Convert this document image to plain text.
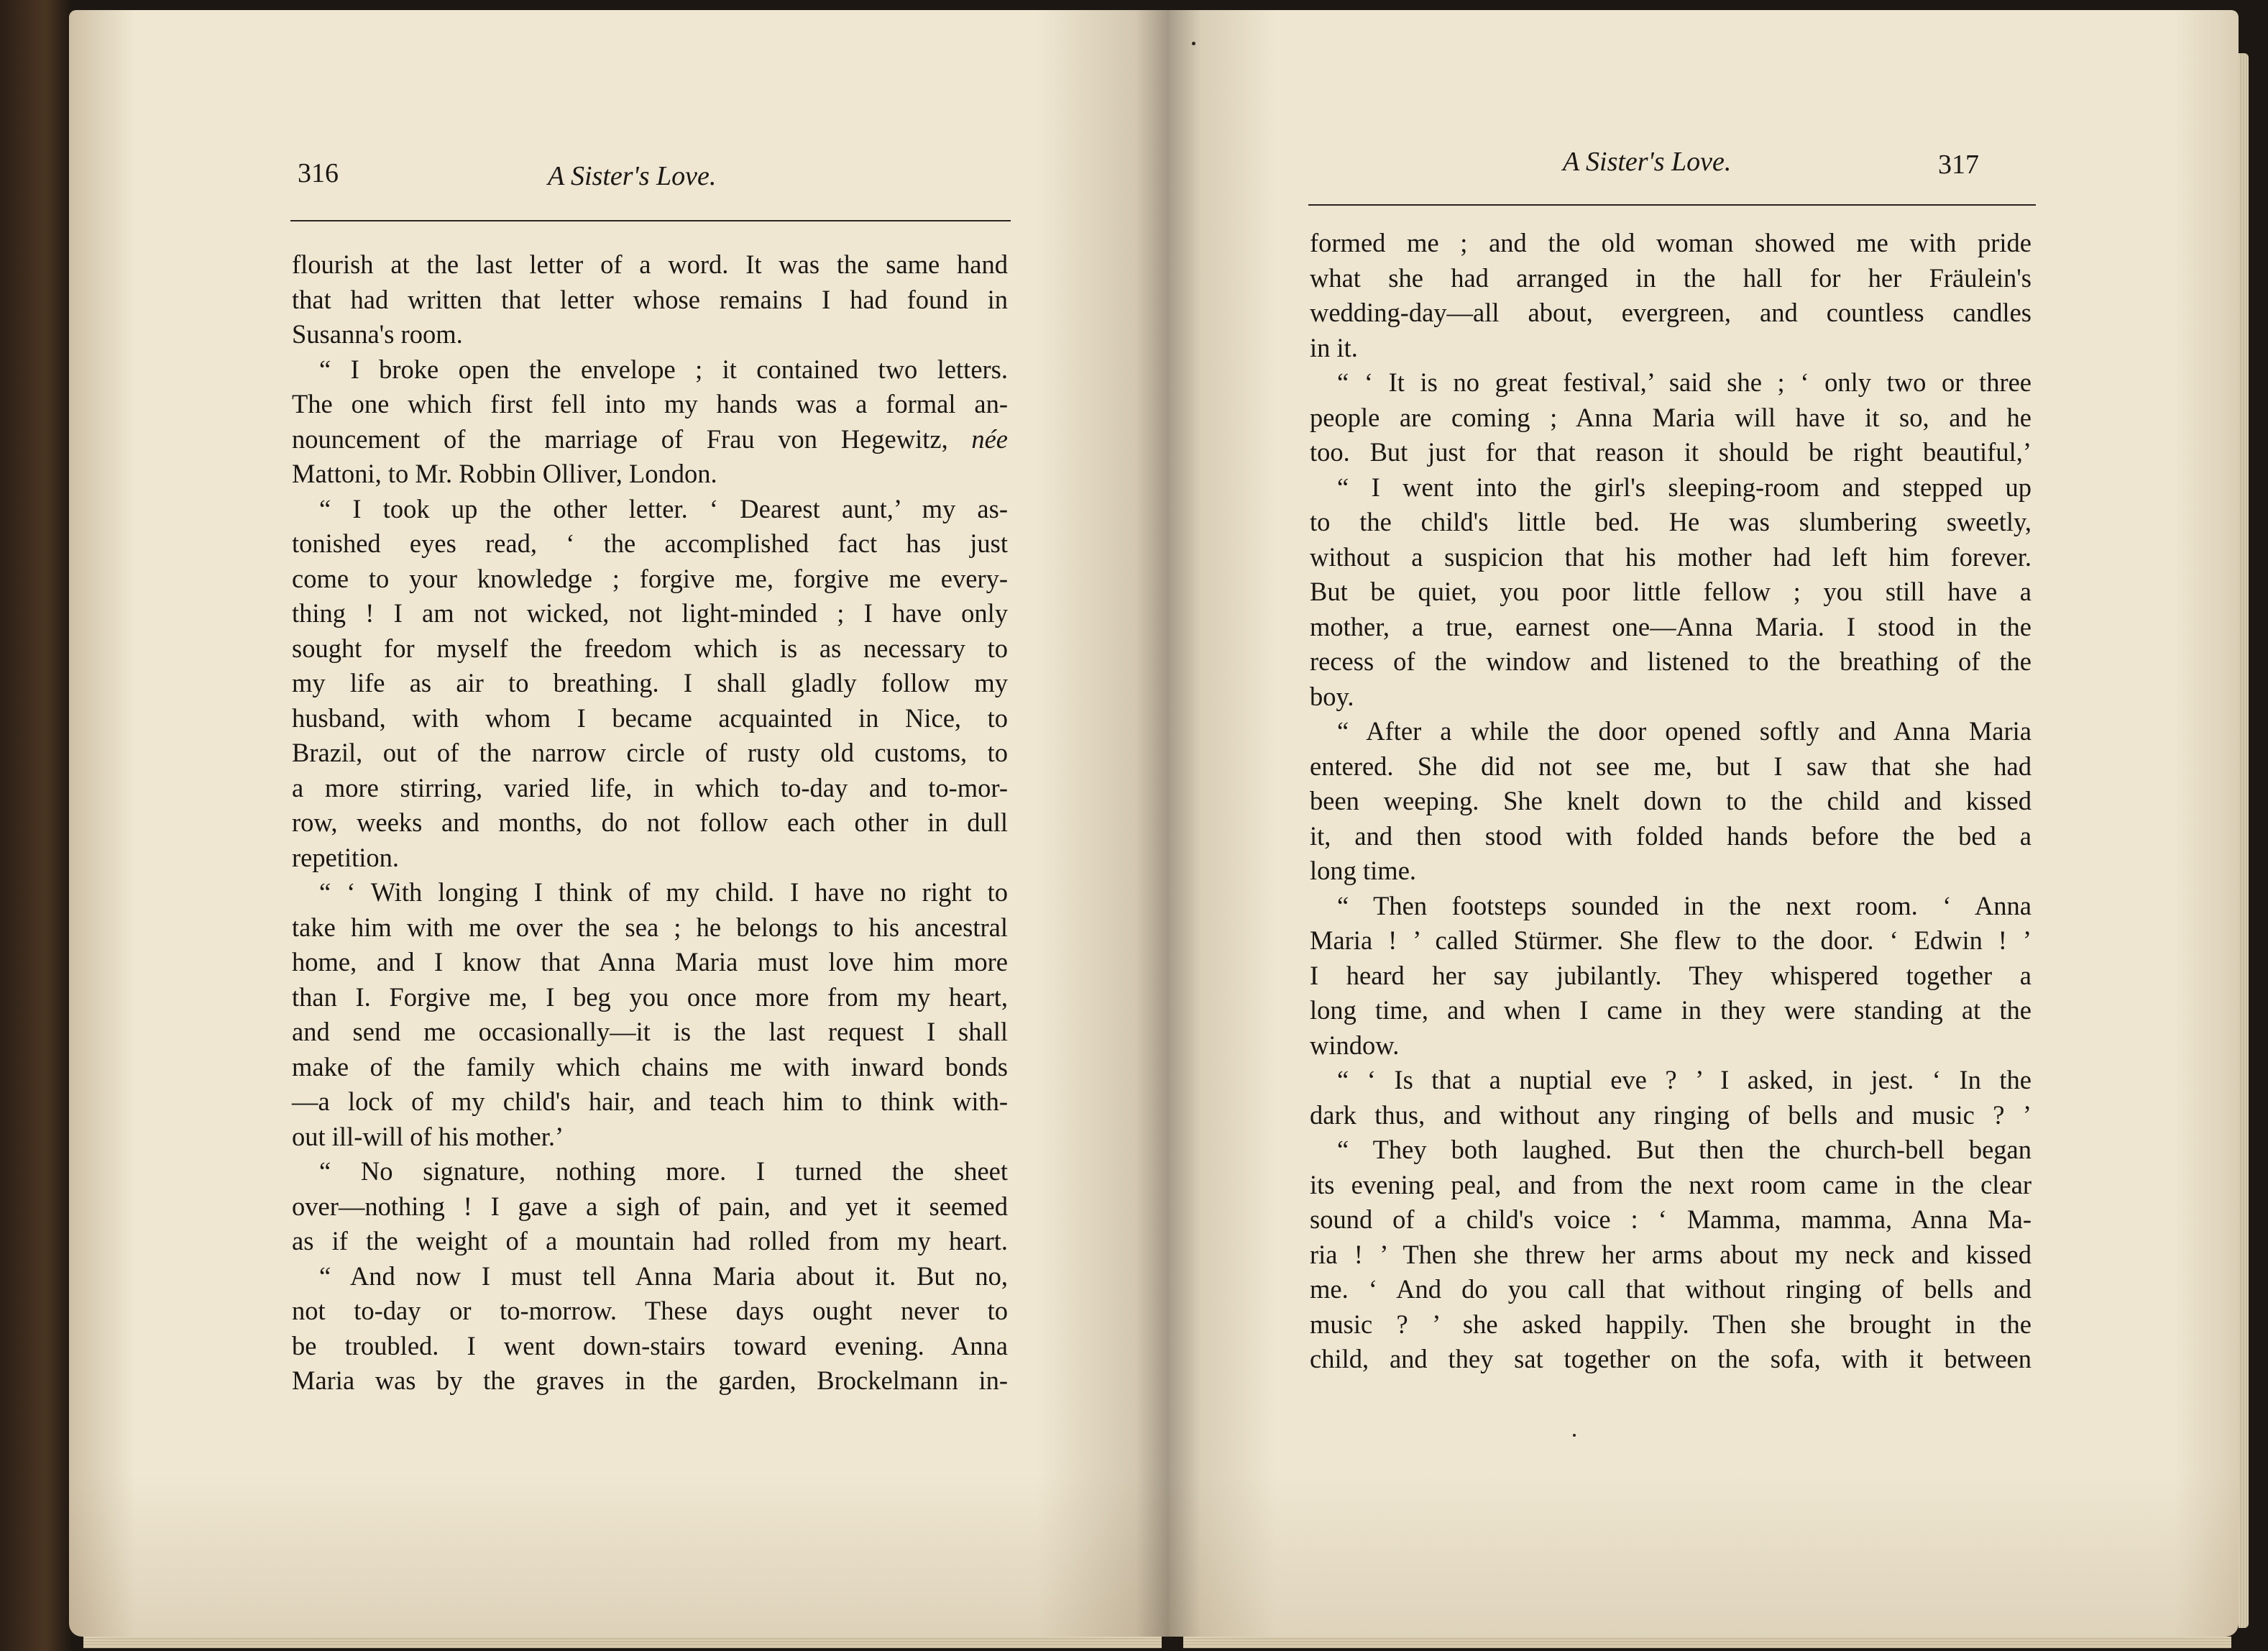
316	A Sister's Love.
flourish at the last letter of a word. It was the same hand
that had written that letter whose remains I had found in
Susanna's room.
“ I broke open the envelope ; it contained two letters.
The one which first fell into my hands was a formal an-
nouncement of the marriage of Frau von Hegewitz, née
Mattoni, to Mr. Robbin Olliver, London.
“ I took up the other letter. ‘ Dearest aunt,’ my as-
tonished eyes read, ‘ the accomplished fact has just
come to your knowledge ; forgive me, forgive me every-
thing ! I am not wicked, not light-minded ; I have only
sought for myself the freedom which is as necessary to
my life as air to breathing. I shall gladly follow my
husband, with whom I became acquainted in Nice, to
Brazil, out of the narrow circle of rusty old customs, to
a more stirring, varied life, in which to-day and to-mor-
row, weeks and months, do not follow each other in dull
repetition.
“ ‘ With longing I think of my child. I have no right to
take him with me over the sea ; he belongs to his ancestral
home, and I know that Anna Maria must love him more
than I. Forgive me, I beg you once more from my heart,
and send me occasionally—it is the last request I shall
make of the family which chains me with inward bonds
—a lock of my child's hair, and teach him to think with-
out ill-will of his mother.’
“ No signature, nothing more. I turned the sheet
over—nothing ! I gave a sigh of pain, and yet it seemed
as if the weight of a mountain had rolled from my heart.
“ And now I must tell Anna Maria about it. But no,
not to-day or to-morrow. These days ought never to
be troubled. I went down-stairs toward evening. Anna
Maria was by the graves in the garden, Brockelmann in-
A Sister's Love.	317
formed me ; and the old woman showed me with pride
what she had arranged in the hall for her Fräulein's
wedding-day—all about, evergreen, and countless candles
in it.
“ ‘ It is no great festival,’ said she ; ‘ only two or three
people are coming ; Anna Maria will have it so, and he
too. But just for that reason it should be right beautiful,’
“ I went into the girl's sleeping-room and stepped up
to the child's little bed. He was slumbering sweetly,
without a suspicion that his mother had left him forever.
But be quiet, you poor little fellow ; you still have a
mother, a true, earnest one—Anna Maria. I stood in the
recess of the window and listened to the breathing of the
boy.
“ After a while the door opened softly and Anna Maria
entered. She did not see me, but I saw that she had
been weeping. She knelt down to the child and kissed
it, and then stood with folded hands before the bed a
long time.
“ Then footsteps sounded in the next room. ‘ Anna
Maria ! ’ called Stürmer. She flew to the door. ‘ Edwin ! ’
I heard her say jubilantly. They whispered together a
long time, and when I came in they were standing at the
window.
“ ‘ Is that a nuptial eve ? ’ I asked, in jest. ‘ In the
dark thus, and without any ringing of bells and music ? ’
“ They both laughed. But then the church-bell began
its evening peal, and from the next room came in the clear
sound of a child's voice : ‘ Mamma, mamma, Anna Ma-
ria ! ’ Then she threw her arms about my neck and kissed
me. ‘ And do you call that without ringing of bells and
music ? ’ she asked happily. Then she brought in the
child, and they sat together on the sofa, with it between
